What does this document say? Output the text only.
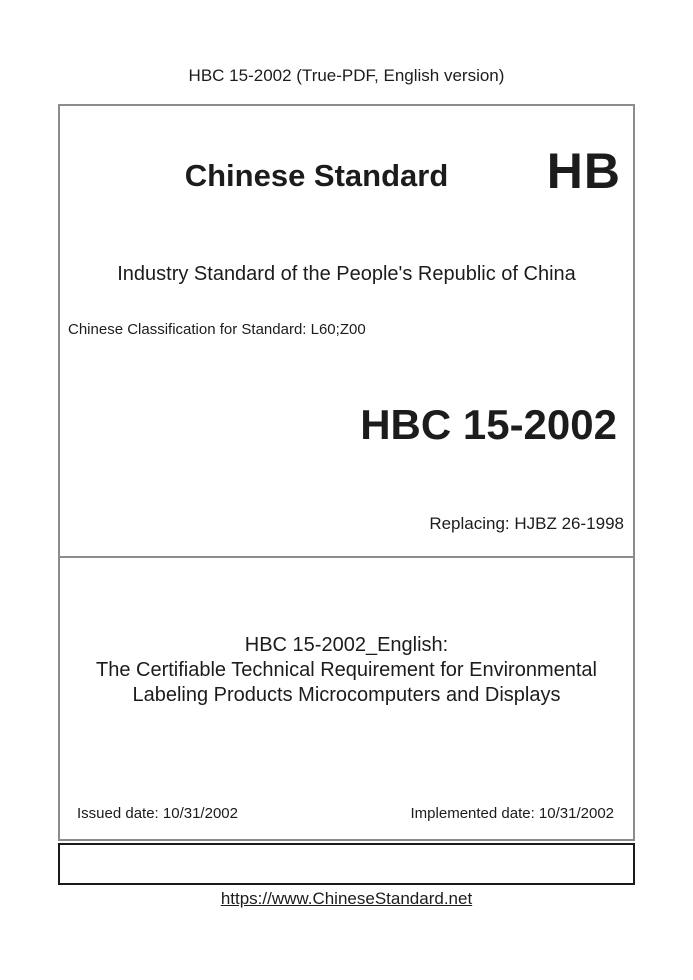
HBC 15-2002 (True-PDF, English version)
Chinese Standard	HB
Industry Standard of the People's Republic of China
Chinese Classification for Standard: L60;Z00
HBC 15-2002
Replacing: HJBZ 26-1998
HBC 15-2002_English:
The Certifiable Technical Requirement for Environmental
Labeling Products Microcomputers and Displays
Issued date: 10/31/2002	Implemented date: 10/31/2002
https://www.ChineseStandard.net
